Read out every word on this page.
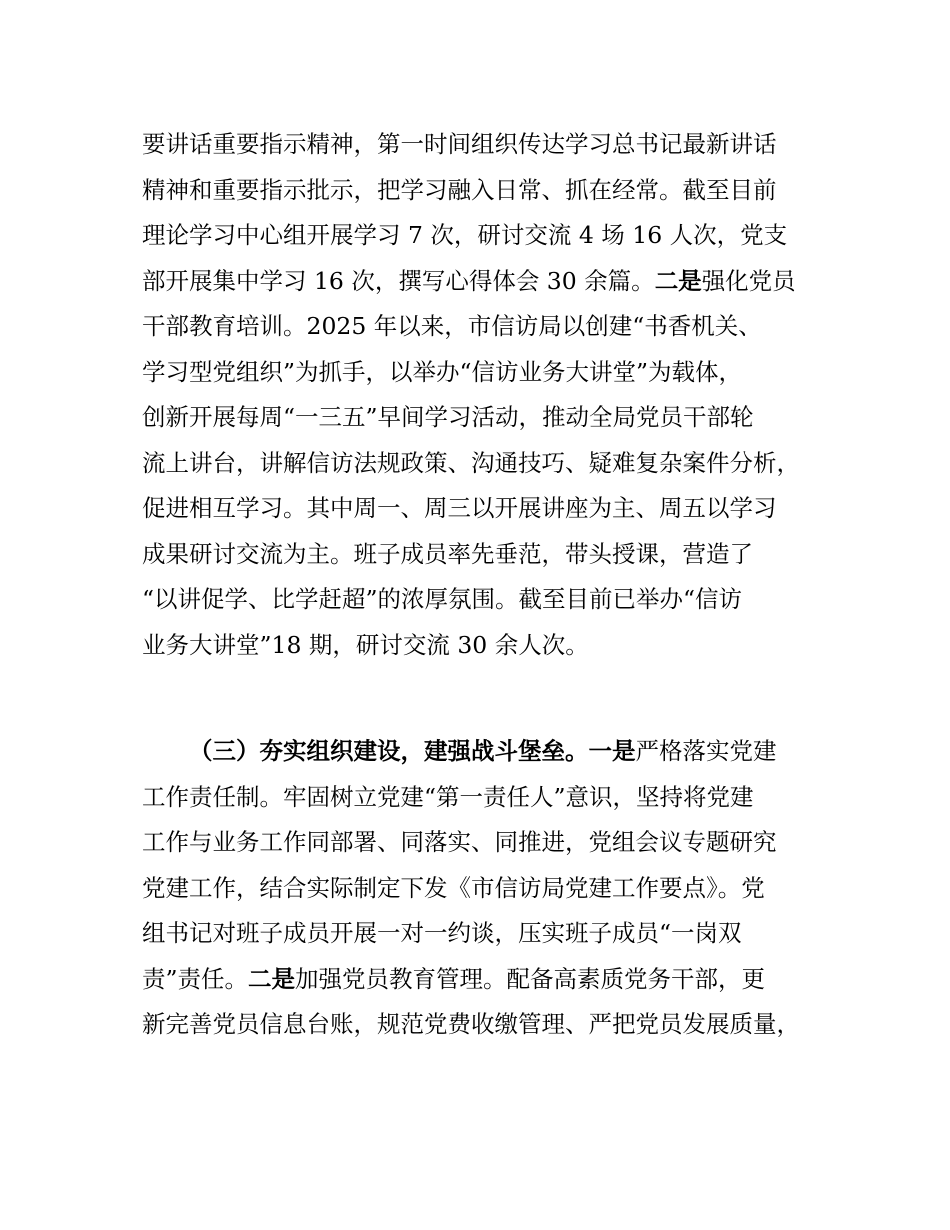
要讲话重要指示精神，第一时间组织传达学习总书记最新讲话
精神和重要指示批示，把学习融入日常、抓在经常。截至目前
理论学习中心组开展学习 7 次，研讨交流 4 场 16 人次，党支
部开展集中学习 16 次，撰写心得体会 30 余篇。二是强化党员
干部教育培训。2025 年以来，市信访局以创建“书香机关、
学习型党组织”为抓手，以举办“信访业务大讲堂”为载体，
创新开展每周“一三五”早间学习活动，推动全局党员干部轮
流上讲台，讲解信访法规政策、沟通技巧、疑难复杂案件分析，
促进相互学习。其中周一、周三以开展讲座为主、周五以学习
成果研讨交流为主。班子成员率先垂范，带头授课，营造了
“以讲促学、比学赶超”的浓厚氛围。截至目前已举办“信访
业务大讲堂”18 期，研讨交流 30 余人次。
（三）夯实组织建设，建强战斗堡垒。一是严格落实党建
工作责任制。牢固树立党建“第一责任人”意识，坚持将党建
工作与业务工作同部署、同落实、同推进，党组会议专题研究
党建工作，结合实际制定下发《市信访局党建工作要点》。党
组书记对班子成员开展一对一约谈，压实班子成员“一岗双
责”责任。二是加强党员教育管理。配备高素质党务干部，更
新完善党员信息台账，规范党费收缴管理、严把党员发展质量，
